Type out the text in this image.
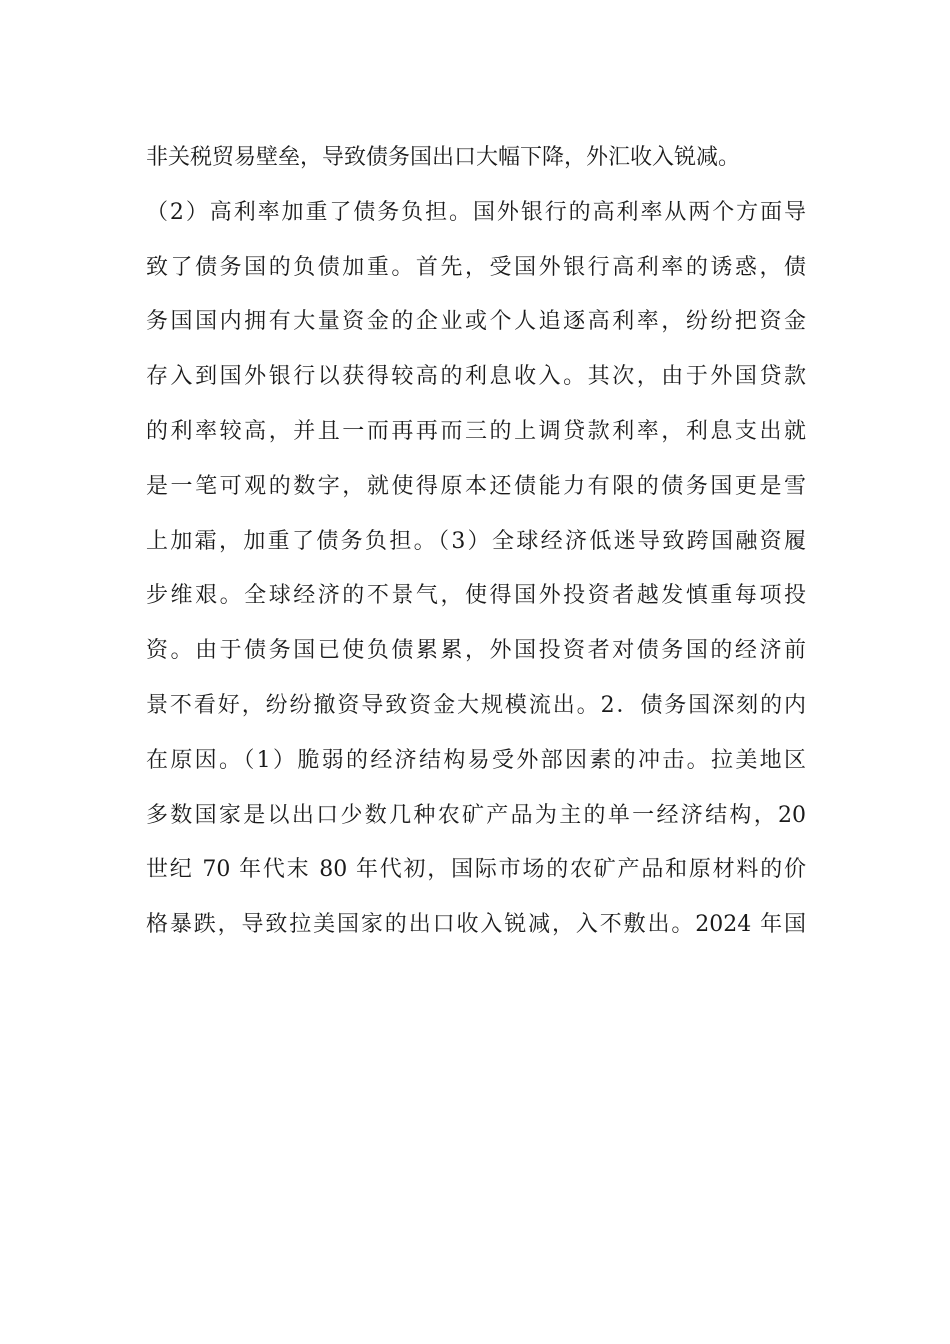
非关税贸易壁垒，导致债务国出口大幅下降，外汇收入锐减。
（2）高利率加重了债务负担。国外银行的高利率从两个方面导
致了债务国的负债加重。首先，受国外银行高利率的诱惑，债
务国国内拥有大量资金的企业或个人追逐高利率，纷纷把资金
存入到国外银行以获得较高的利息收入。其次，由于外国贷款
的利率较高，并且一而再再而三的上调贷款利率，利息支出就
是一笔可观的数字，就使得原本还债能力有限的债务国更是雪
上加霜，加重了债务负担。（3）全球经济低迷导致跨国融资履
步维艰。全球经济的不景气，使得国外投资者越发慎重每项投
资。由于债务国已使负债累累，外国投资者对债务国的经济前
景不看好，纷纷撤资导致资金大规模流出。2．债务国深刻的内
在原因。（1）脆弱的经济结构易受外部因素的冲击。拉美地区
多数国家是以出口少数几种农矿产品为主的单一经济结构，20
世纪 70 年代末 80 年代初，国际市场的农矿产品和原材料的价
格暴跌，导致拉美国家的出口收入锐减，入不敷出。2024 年国
